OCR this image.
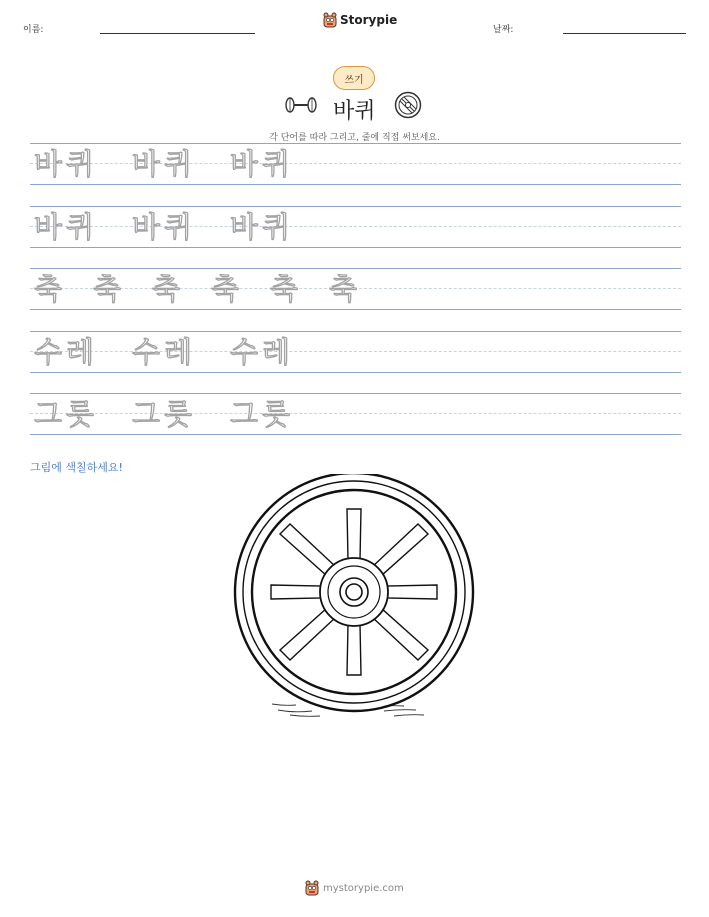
이름:
Storypie
날짜:
쓰기
바퀴
각 단어를 따라 그리고, 줄에 직접 써보세요.
바퀴 바퀴 바퀴
바퀴 바퀴 바퀴
축 축 축 축 축 축
수레 수레 수레
그릇 그릇 그릇
그림에 색칠하세요!
mystorypie.com
